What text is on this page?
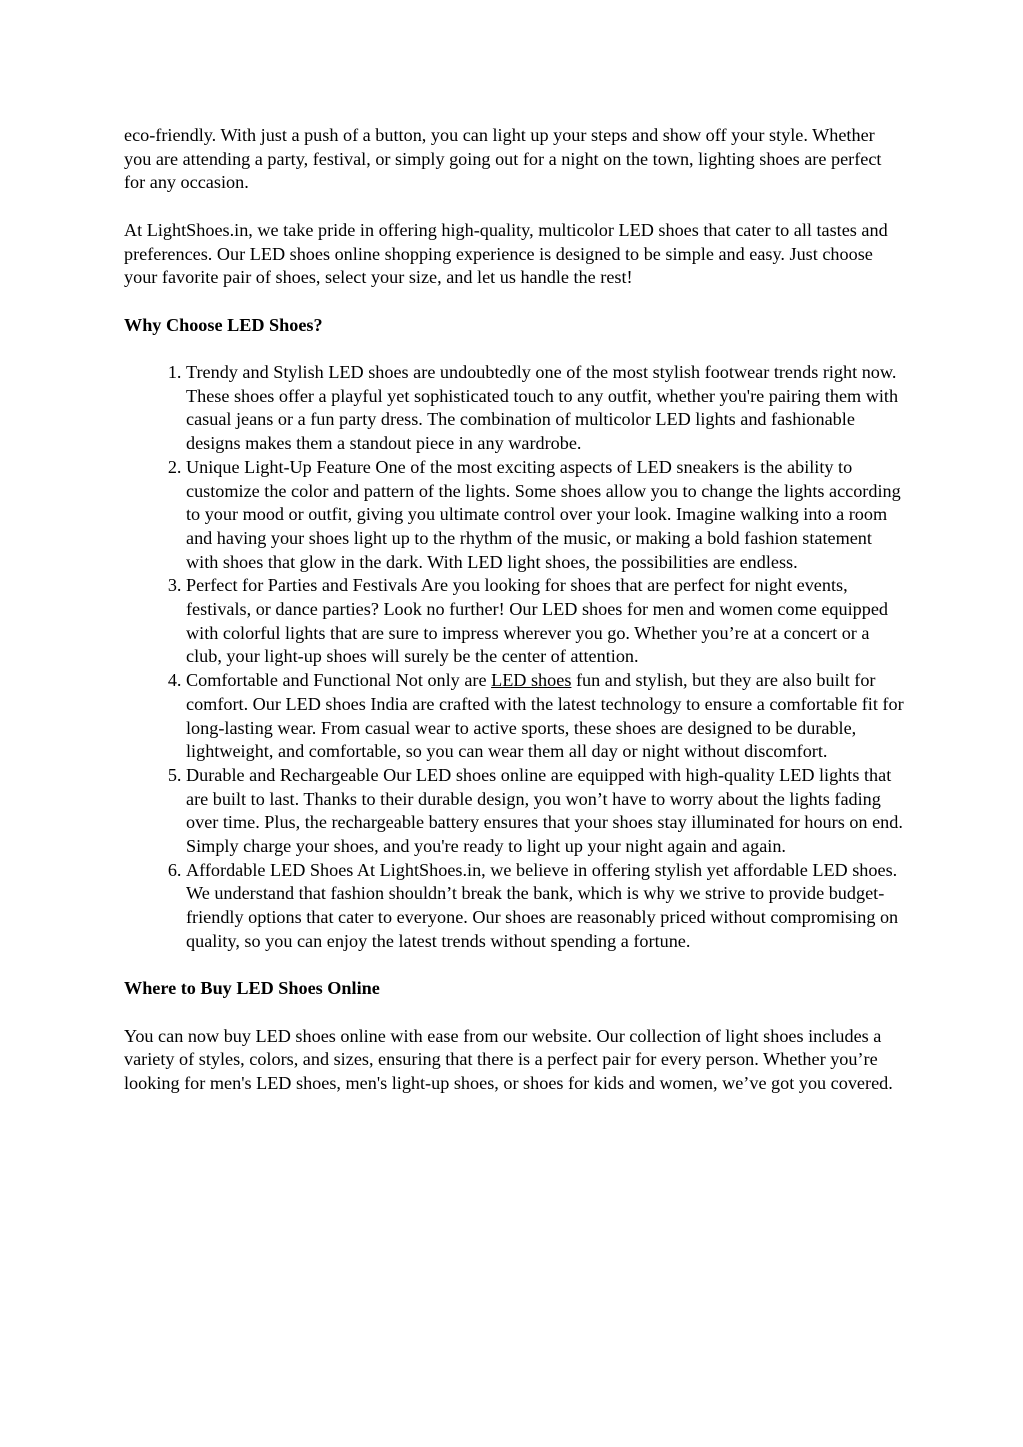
eco-friendly. With just a push of a button, you can light up your steps and show off your style. Whether you are attending a party, festival, or simply going out for a night on the town, lighting shoes are perfect for any occasion.

At LightShoes.in, we take pride in offering high-quality, multicolor LED shoes that cater to all tastes and preferences. Our LED shoes online shopping experience is designed to be simple and easy. Just choose your favorite pair of shoes, select your size, and let us handle the rest!

Why Choose LED Shoes?
1. Trendy and Stylish LED shoes are undoubtedly one of the most stylish footwear trends right now. These shoes offer a playful yet sophisticated touch to any outfit, whether you're pairing them with casual jeans or a fun party dress. The combination of multicolor LED lights and fashionable designs makes them a standout piece in any wardrobe.
2. Unique Light-Up Feature One of the most exciting aspects of LED sneakers is the ability to customize the color and pattern of the lights. Some shoes allow you to change the lights according to your mood or outfit, giving you ultimate control over your look. Imagine walking into a room and having your shoes light up to the rhythm of the music, or making a bold fashion statement with shoes that glow in the dark. With LED light shoes, the possibilities are endless.
3. Perfect for Parties and Festivals Are you looking for shoes that are perfect for night events, festivals, or dance parties? Look no further! Our LED shoes for men and women come equipped with colorful lights that are sure to impress wherever you go. Whether you’re at a concert or a club, your light-up shoes will surely be the center of attention.
4. Comfortable and Functional Not only are LED shoes fun and stylish, but they are also built for comfort. Our LED shoes India are crafted with the latest technology to ensure a comfortable fit for long-lasting wear. From casual wear to active sports, these shoes are designed to be durable, lightweight, and comfortable, so you can wear them all day or night without discomfort.
5. Durable and Rechargeable Our LED shoes online are equipped with high-quality LED lights that are built to last. Thanks to their durable design, you won’t have to worry about the lights fading over time. Plus, the rechargeable battery ensures that your shoes stay illuminated for hours on end. Simply charge your shoes, and you're ready to light up your night again and again.
6. Affordable LED Shoes At LightShoes.in, we believe in offering stylish yet affordable LED shoes. We understand that fashion shouldn’t break the bank, which is why we strive to provide budget-friendly options that cater to everyone. Our shoes are reasonably priced without compromising on quality, so you can enjoy the latest trends without spending a fortune.
Where to Buy LED Shoes Online

You can now buy LED shoes online with ease from our website. Our collection of light shoes includes a variety of styles, colors, and sizes, ensuring that there is a perfect pair for every person. Whether you’re looking for men's LED shoes, men's light-up shoes, or shoes for kids and women, we’ve got you covered.
